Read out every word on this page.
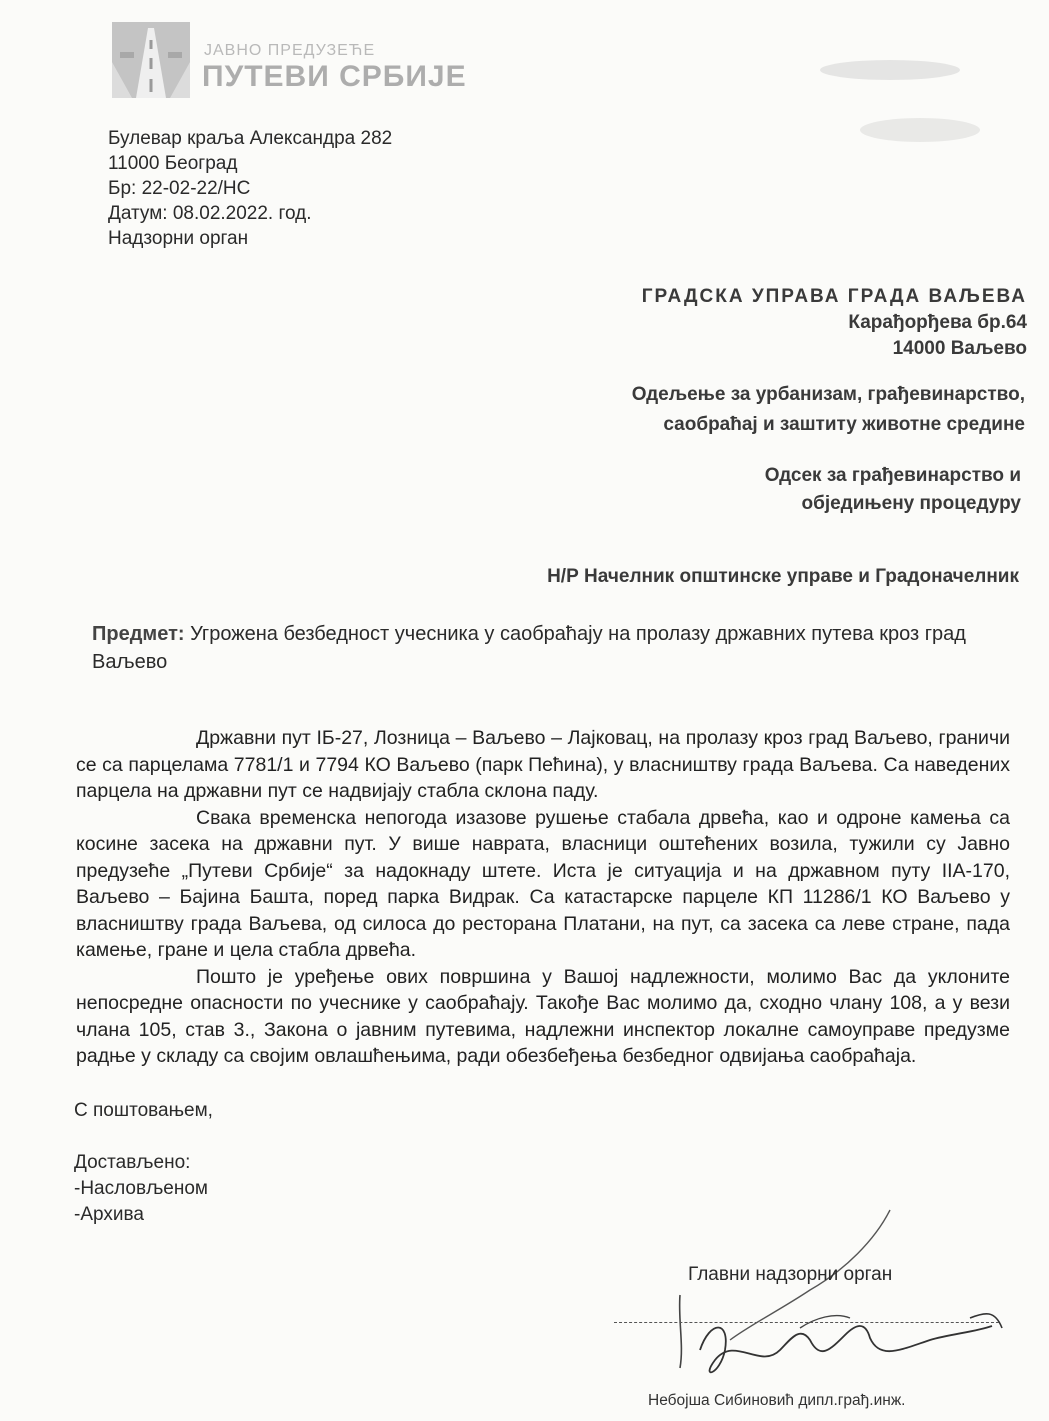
ЈАВНО ПРЕДУЗЕЋЕ
ПУТЕВИ СРБИЈЕ
Булевар краља Александра 282
11000 Београд
Бр: 22-02-22/НС
Датум: 08.02.2022. год.
Надзорни орган
ГРАДСКА УПРАВА ГРАДА ВАЉЕВА
Карађорђева бр.64
14000 Ваљево
Одељење за урбанизам, грађевинарство,
саобраћај и заштиту животне средине
Одсек за грађевинарство и
обједињену процедуру
Н/Р Начелник општинске управе и Градоначелник
Предмет: Угрожена безбедност учесника у саобраћају на пролазу државних путева кроз град Ваљево

Државни пут IБ-27, Лозница – Ваљево – Лајковац, на пролазу кроз град Ваљево, граничи се са парцелама 7781/1 и 7794 КО Ваљево (парк Пећина), у власништву града Ваљева. Са наведених парцела на државни пут се надвијају стабла склона паду.

Свака временска непогода изазове рушење стабала дрвећа, као и одроне камења са косине засека на државни пут. У више наврата, власници оштећених возила, тужили су Јавно предузеће „Путеви Србије“ за надокнаду штете. Иста је ситуација и на државном путу IIА-170, Ваљево – Бајина Башта, поред парка Видрак. Са катастарске парцеле КП 11286/1 КО Ваљево у власништву града Ваљева, од силоса до ресторана Платани, на пут, са засека са леве стране, пада камење, гране и цела стабла дрвећа.

Пошто је уређење ових површина у Вашој надлежности, молимо Вас да уклоните непосредне опасности по учеснике у саобраћају. Такође Вас молимо да, сходно члану 108, а у вези члана 105, став 3., Закона о јавним путевима, надлежни инспектор локалне самоуправе предузме радње у складу са својим овлашћењима, ради обезбеђења безбедног одвијања саобраћаја.

С поштовањем,
Достављено:
-Насловљеном
-Архива
Главни надзорни орган
Небојша Сибиновић дипл.грађ.инж.
